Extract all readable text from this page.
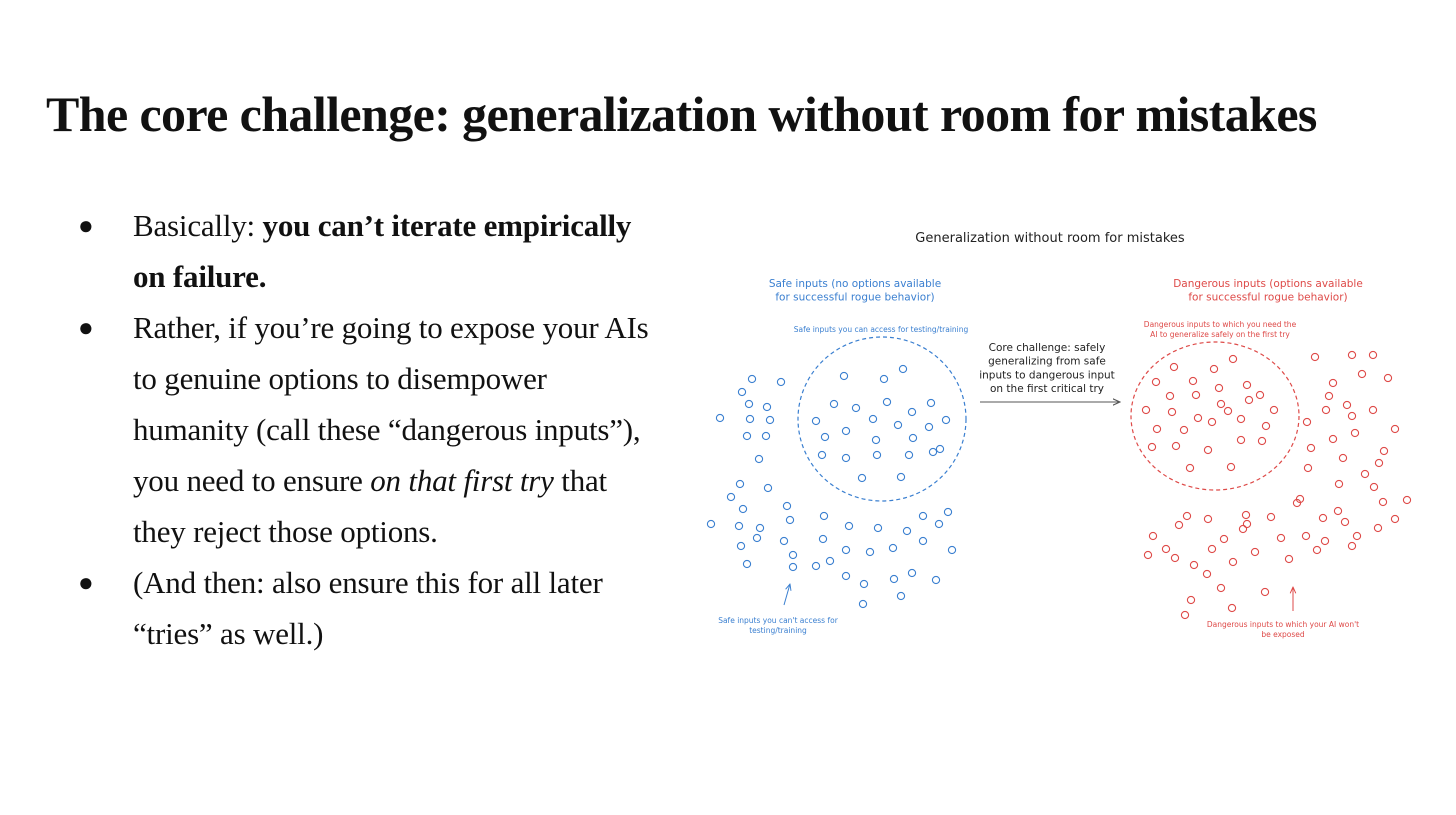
The core challenge: generalization without room for mistakes
● Basically: you can’t iterate empirically on failure.
● Rather, if you’re going to expose your AIs to genuine options to disempower humanity (call these “dangerous inputs”), you need to ensure on that first try that they reject those options.
● (And then: also ensure this for all later “tries” as well.)
Generalization without room for mistakes
Safe inputs (no options available for successful rogue behavior)
Safe inputs you can access for testing/training
Safe inputs you can't access for testing/training
Core challenge: safely generalizing from safe inputs to dangerous input on the first critical try
Dangerous inputs (options available for successful rogue behavior)
Dangerous inputs to which you need the AI to generalize safely on the first try
Dangerous inputs to which your AI won't be exposed
